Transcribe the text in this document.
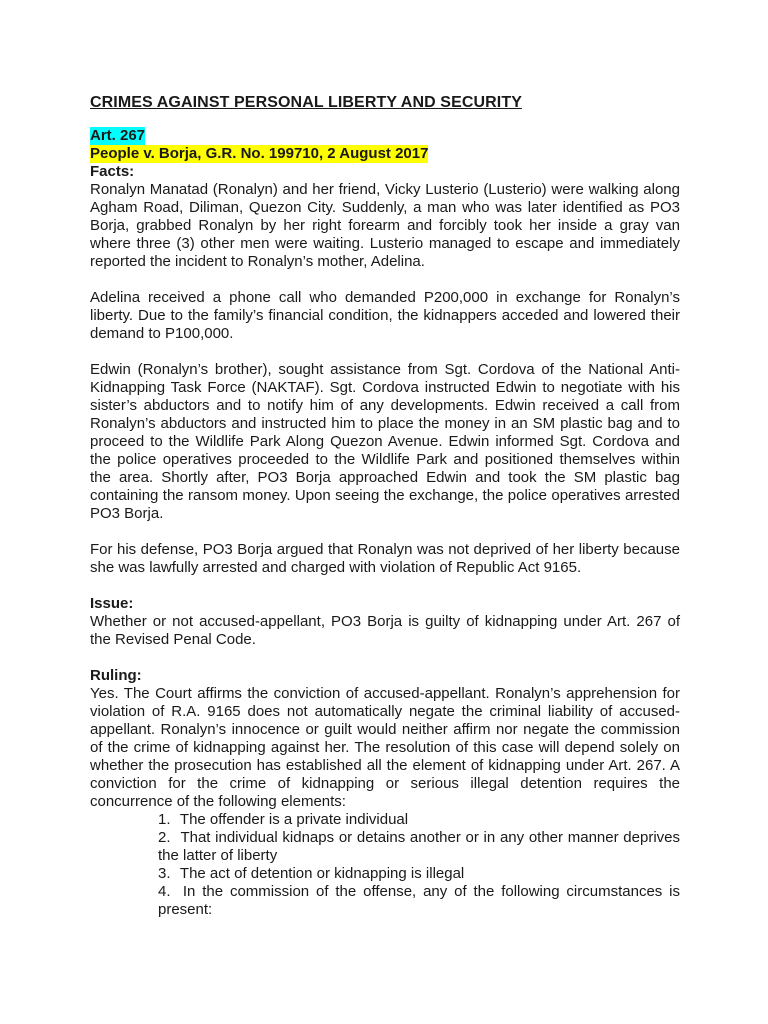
CRIMES AGAINST PERSONAL LIBERTY AND SECURITY
Art. 267
People v. Borja, G.R. No. 199710, 2 August 2017
Facts:

Ronalyn Manatad (Ronalyn) and her friend, Vicky Lusterio (Lusterio) were walking along Agham Road, Diliman, Quezon City. Suddenly, a man who was later identified as PO3 Borja, grabbed Ronalyn by her right forearm and forcibly took her inside a gray van where three (3) other men were waiting. Lusterio managed to escape and immediately reported the incident to Ronalyn’s mother, Adelina.

Adelina received a phone call who demanded P200,000 in exchange for Ronalyn’s liberty. Due to the family’s financial condition, the kidnappers acceded and lowered their demand to P100,000.

Edwin (Ronalyn’s brother), sought assistance from Sgt. Cordova of the National Anti-Kidnapping Task Force (NAKTAF). Sgt. Cordova instructed Edwin to negotiate with his sister’s abductors and to notify him of any developments. Edwin received a call from Ronalyn’s abductors and instructed him to place the money in an SM plastic bag and to proceed to the Wildlife Park Along Quezon Avenue. Edwin informed Sgt. Cordova and the police operatives proceeded to the Wildlife Park and positioned themselves within the area. Shortly after, PO3 Borja approached Edwin and took the SM plastic bag containing the ransom money. Upon seeing the exchange, the police operatives arrested PO3 Borja.

For his defense, PO3 Borja argued that Ronalyn was not deprived of her liberty because she was lawfully arrested and charged with violation of Republic Act 9165.

Issue:

Whether or not accused-appellant, PO3 Borja is guilty of kidnapping under Art. 267 of the Revised Penal Code.

Ruling:

Yes. The Court affirms the conviction of accused-appellant. Ronalyn’s apprehension for violation of R.A. 9165 does not automatically negate the criminal liability of accused-appellant. Ronalyn’s innocence or guilt would neither affirm nor negate the commission of the crime of kidnapping against her. The resolution of this case will depend solely on whether the prosecution has established all the element of kidnapping under Art. 267. A conviction for the crime of kidnapping or serious illegal detention requires the concurrence of the following elements:

1. The offender is a private individual
2. That individual kidnaps or detains another or in any other manner deprives the latter of liberty
3. The act of detention or kidnapping is illegal
4. In the commission of the offense, any of the following circumstances is present:
